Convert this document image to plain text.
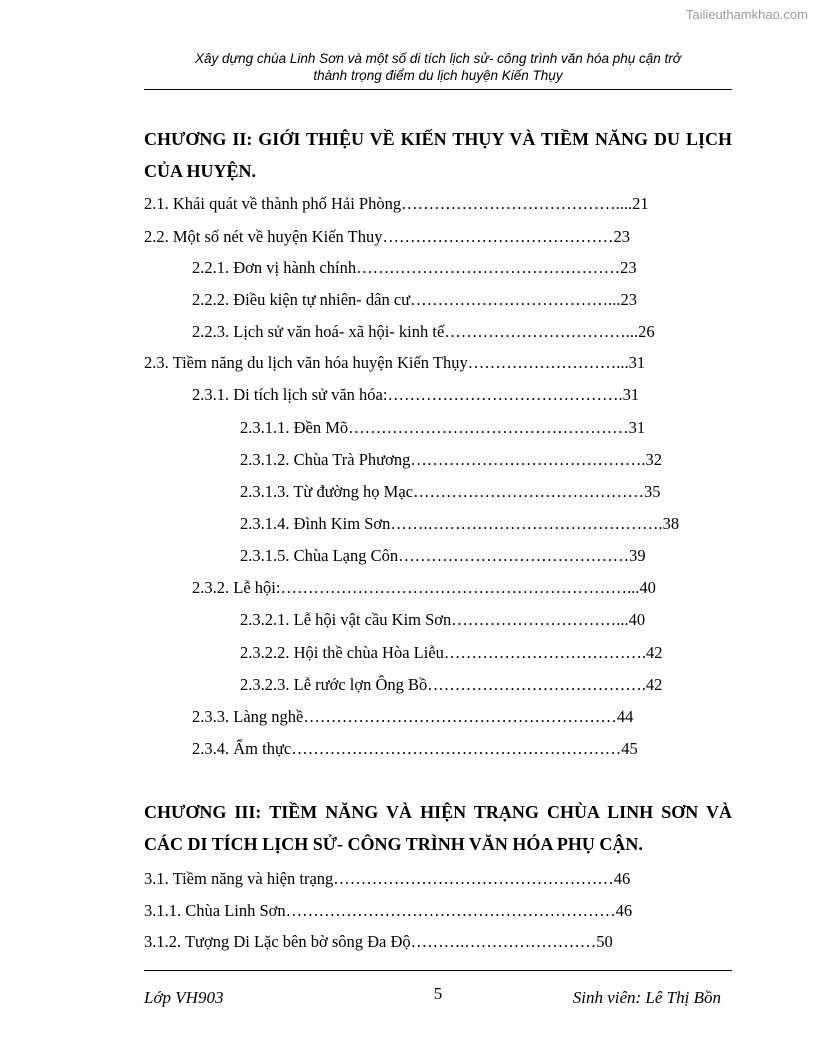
Tailieuthamkhao.com
Xây dựng chùa Linh Sơn và một số di tích lịch sử- công trình văn hóa phụ cận trở
thành trọng điểm du lịch huyện Kiến Thụy
CHƯƠNG II: GIỚI THIỆU VỀ KIẾN THỤY VÀ TIỀM NĂNG DU LỊCH CỦA HUYỆN.
2.1. Khái quát về thành phố Hải Phòng…………………………………....21
2.2. Một số nét về huyện Kiến Thuy……………………………………23
2.2.1. Đơn vị hành chính…………………………………………23
2.2.2. Điều kiện tự nhiên- dân cư………………………………...23
2.2.3. Lịch sử văn hoá- xã hội- kinh tế……………………………...26
2.3. Tiềm năng du lịch văn hóa huyện Kiến Thụy………………………...31
2.3.1. Di tích lịch sử văn hóa:…………………………………….31
2.3.1.1. Đền Mõ……………………………………………31
2.3.1.2. Chùa Trà Phương…………………………………….32
2.3.1.3. Từ đường họ Mạc……………………………………35
2.3.1.4. Đình Kim Sơn…….…………………………………….38
2.3.1.5. Chùa Lạng Côn……………………………………39
2.3.2. Lễ hội:………………………………………………………...40
2.3.2.1. Lễ hội vật cầu Kim Sơn…………………………...40
2.3.2.2. Hội thề chùa Hòa Liễu……………………………….42
2.3.2.3. Lễ rước lợn Ông Bồ………………………………….42
2.3.3. Làng nghề…………………………………………………44
2.3.4. Ẩm thực……………………………………………………45
CHƯƠNG III: TIỀM NĂNG VÀ HIỆN TRẠNG CHÙA LINH SƠN VÀ CÁC DI TÍCH LỊCH SỬ- CÔNG TRÌNH VĂN HÓA PHỤ CẬN.
3.1. Tiềm năng và hiện trạng……………………………………………46
3.1.1. Chùa Linh Sơn……………………………………………………46
3.1.2. Tượng Di Lặc bên bờ sông Đa Độ……….……………………50
Lớp VH903	5	Sinh viên: Lê Thị Bồn
